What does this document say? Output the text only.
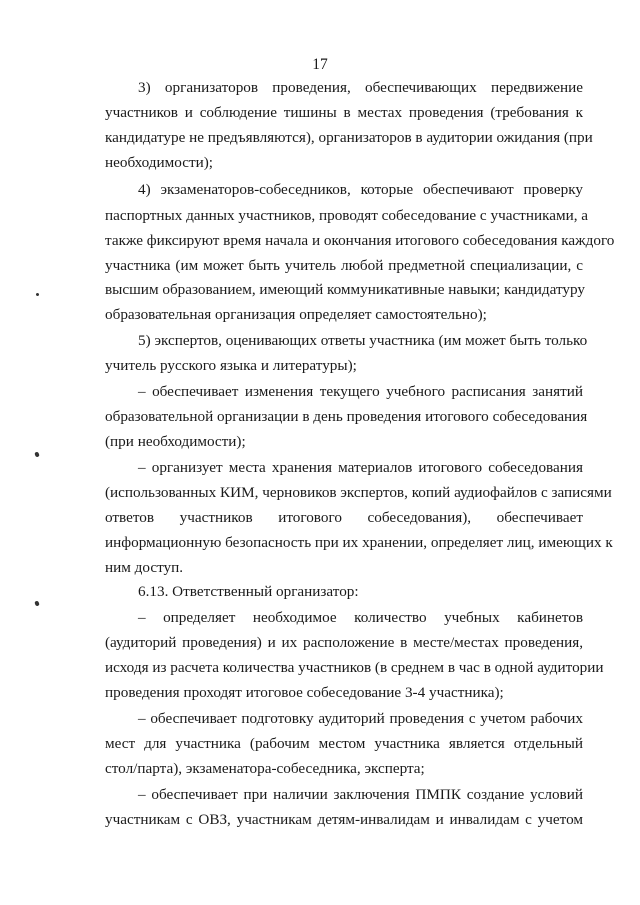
17
3) организаторов проведения, обеспечивающих передвижение
участников и соблюдение тишины в местах проведения (требования к
кандидатуре не предъявляются), организаторов в аудитории ожидания (при
необходимости);
4) экзаменаторов-собеседников, которые обеспечивают проверку
паспортных данных участников, проводят собеседование с участниками, а
также фиксируют время начала и окончания итогового собеседования каждого
участника (им может быть учитель любой предметной специализации, с
высшим образованием, имеющий коммуникативные навыки; кандидатуру
образовательная организация определяет самостоятельно);
5) экспертов, оценивающих ответы участника (им может быть только
учитель русского языка и литературы);
– обеспечивает изменения текущего учебного расписания занятий
образовательной организации в день проведения итогового собеседования
(при необходимости);
– организует места хранения материалов итогового собеседования
(использованных КИМ, черновиков экспертов, копий аудиофайлов с записями
ответов участников итогового собеседования), обеспечивает
информационную безопасность при их хранении, определяет лиц, имеющих к
ним доступ.
6.13. Ответственный организатор:
– определяет необходимое количество учебных кабинетов
(аудиторий проведения) и их расположение в месте/местах проведения,
исходя из расчета количества участников (в среднем в час в одной аудитории
проведения проходят итоговое собеседование 3-4 участника);
– обеспечивает подготовку аудиторий проведения с учетом рабочих
мест для участника (рабочим местом участника является отдельный
стол/парта), экзаменатора-собеседника, эксперта;
– обеспечивает при наличии заключения ПМПК создание условий
участникам с ОВЗ, участникам детям-инвалидам и инвалидам с учетом
